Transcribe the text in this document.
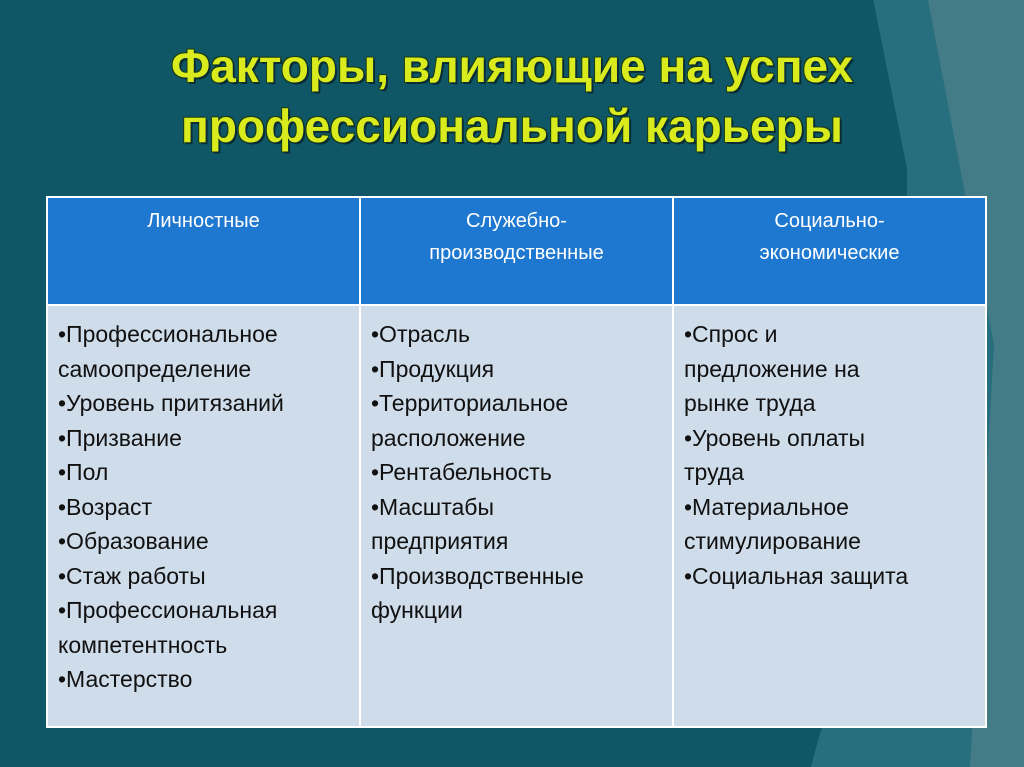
Факторы, влияющие на успех
профессиональной карьеры
Личностные	Служебно-
производственные
Социально-
экономические
•Профессиональное
самоопределение
•Уровень притязаний
•Призвание
•Пол
•Возраст
•Образование
•Стаж работы
•Профессиональная
компетентность
•Мастерство
•Отрасль
•Продукция
•Территориальное
расположение
•Рентабельность
•Масштабы
предприятия
•Производственные
функции
•Спрос и
предложение на
рынке труда
•Уровень оплаты
труда
•Материальное
стимулирование
•Социальная защита
